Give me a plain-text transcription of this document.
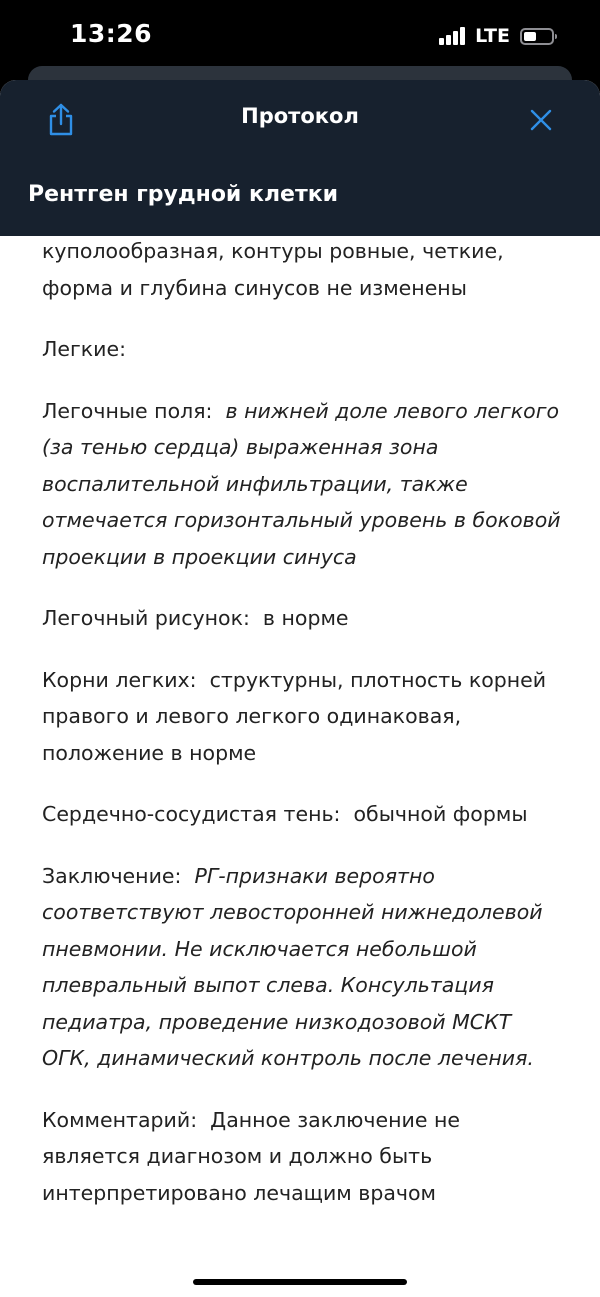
13:26	LTE
Протокол
Рентген грудной клетки

куполообразная, контуры ровные, четкие, форма и глубина синусов не изменены

Легкие:

Легочные поля: в нижней доле левого легкого (за тенью сердца) выраженная зона воспалительной инфильтрации, также отмечается горизонтальный уровень в боковой проекции в проекции синуса

Легочный рисунок: в норме

Корни легких: структурны, плотность корней правого и левого легкого одинаковая, положение в норме

Сердечно-сосудистая тень: обычной формы

Заключение: РГ-признаки вероятно соответствуют левосторонней нижнедолевой пневмонии. Не исключается небольшой плевральный выпот слева. Консультация педиатра, проведение низкодозовой МСКТ ОГК, динамический контроль после лечения.

Комментарий: Данное заключение не является диагнозом и должно быть интерпретировано лечащим врачом
